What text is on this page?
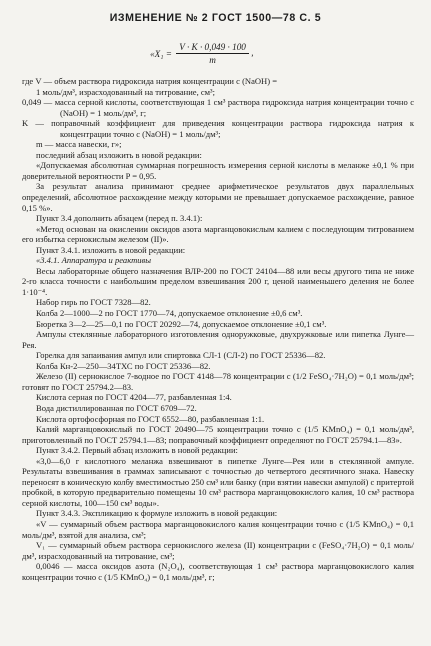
ИЗМЕНЕНИЕ № 2 ГОСТ 1500—78 С. 5
«$X_1 = \frac{V \cdot K \cdot 0,049 \cdot 100}{m}$ ,

где V — объем раствора гидроксида натрия концентрации c (NaOH) =

1 моль/дм³, израсходованный на титрование, см³;

0,049 — масса серной кислоты, соответствующая 1 см³ раствора гидроксида натрия концентрации точно c (NaOH) = 1 моль/дм³, г;

K — поправочный коэффициент для приведения концентрации раствора гидроксида натрия к концентрации точно c (NaOH) = 1 моль/дм³;

m — масса навески, г»;

последний абзац изложить в новой редакции:

«Допускаемая абсолютная суммарная погрешность измерения серной кислоты в меланже ±0,1 % при доверительной вероятности P = 0,95.

За результат анализа принимают среднее арифметическое результатов двух параллельных определений, абсолютное расхождение между которыми не превышает допускаемое расхождение, равное 0,15 %».

Пункт 3.4 дополнить абзацем (перед п. 3.4.1):

«Метод основан на окислении оксидов азота марганцовокислым калием с последующим титрованием его избытка сернокислым железом (II)».

Пункт 3.4.1. изложить в новой редакции:

«3.4.1. Аппаратура и реактивы

Весы лабораторные общего назначения ВЛР-200 по ГОСТ 24104—88 или весы другого типа не ниже 2-го класса точности с наибольшим пределом взвешивания 200 г, ценой наименьшего деления не более 1·10⁻⁴.

Набор гирь по ГОСТ 7328—82.

Колба 2—1000—2 по ГОСТ 1770—74, допускаемое отклонение ±0,6 см³.

Бюретка 3—2—25—0,1 по ГОСТ 20292—74, допускаемое отклонение ±0,1 см³.

Ампулы стеклянные лабораторного изготовления одноружковые, двухружковые или пипетка Лунге—Рея.

Горелка для запаивания ампул или спиртовка СЛ-1 (СЛ-2) по ГОСТ 25336—82.

Колба Кн-2—250—34ТХС по ГОСТ 25336—82.

Железо (II) сернокислое 7-водное по ГОСТ 4148—78 концентрации c (1/2 FeSO₄·7H₂O) = 0,1 моль/дм³; готовят по ГОСТ 25794.2—83.

Кислота серная по ГОСТ 4204—77, разбавленная 1:4.

Вода дистиллированная по ГОСТ 6709—72.

Кислота ортофосфорная по ГОСТ 6552—80, разбавленная 1:1.

Калий марганцовокислый по ГОСТ 20490—75 концентрации точно c (1/5 KMnO₄) = 0,1 моль/дм³, приготовленный по ГОСТ 25794.1—83; поправочный коэффициент определяют по ГОСТ 25794.1—83».

Пункт 3.4.2. Первый абзац изложить в новой редакции:

«3,0—6,0 г кислотного меланжа взвешивают в пипетке Лунге—Рея или в стеклянной ампуле. Результаты взвешивания в граммах записывают с точностью до четвертого десятичного знака. Навеску переносят в коническую колбу вместимостью 250 см³ или банку (при взятии навески ампулой) с притертой пробкой, в которую предварительно помещены 10 см³ раствора марганцовокислого калия, 10 см³ раствора серной кислоты, 100—150 см³ воды».

Пункт 3.4.3. Экспликацию к формуле изложить в новой редакции:

«V — суммарный объем раствора марганцовокислого калия концентрации точно c (1/5 KMnO₄) = 0,1 моль/дм³, взятой для анализа, см³;

V₁ — суммарный объем раствора сернокислого железа (II) концентрации c (FeSO₄·7H₂O) = 0,1 моль/дм³, израсходованный на титрование, см³;

0,0046 — масса оксидов азота (N₂O₄), соответствующая 1 см³ раствора марганцовокислого калия концентрации точно c (1/5 KMnO₄) = 0,1 моль/дм³, г;
